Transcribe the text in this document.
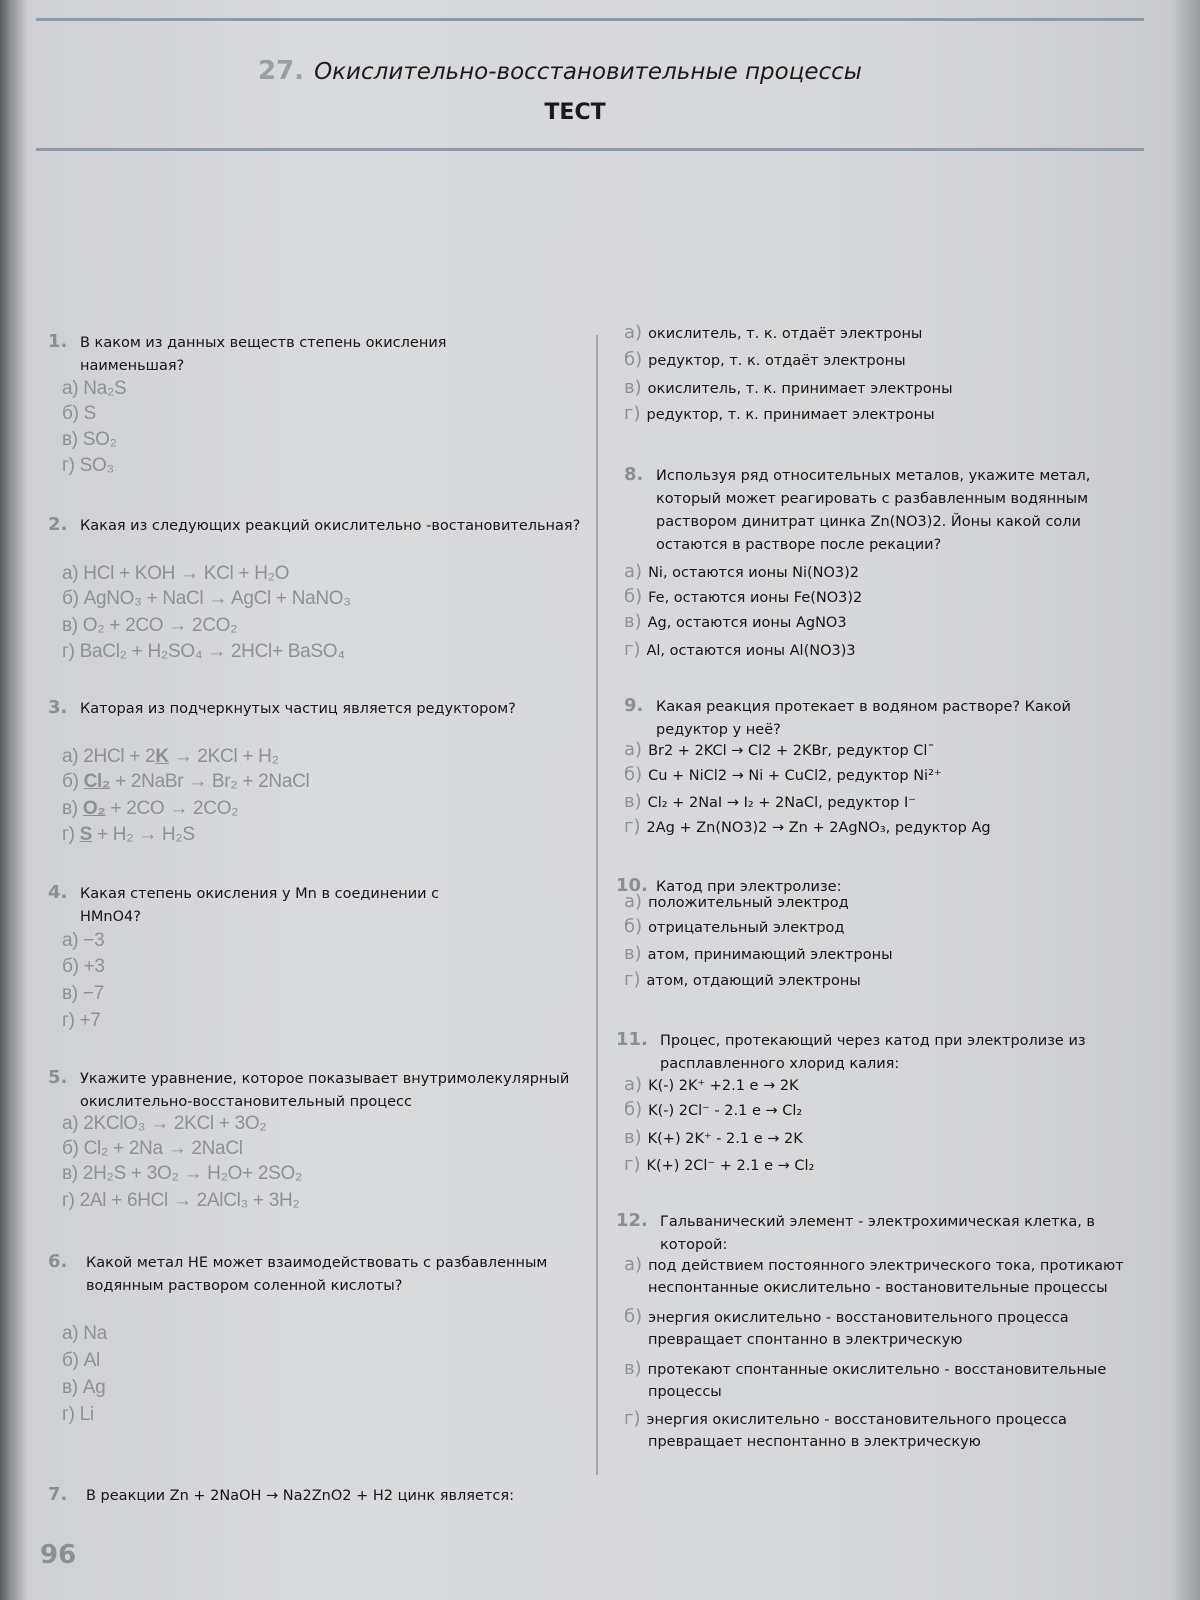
27. Окислительно-восстановительные процессы
ТЕСТ
1. В каком из данных веществ степень окисления наименьшая?
а) Na₂S
б) S
в) SO₂
г) SO₃
2. Какая из следующих реакций окислительно -востановительная?
а) HCl + KOH → KCl + H₂O
б) AgNO₃ + NaCl → AgCl + NaNO₃
в) O₂ + 2CO → 2CO₂
г) BaCl₂ + H₂SO₄ → 2HCl+ BaSO₄
3. Каторая из подчеркнутых частиц является редуктором?
а) 2HCl + 2K → 2KCl + H₂
б) Cl₂ + 2NaBr → Br₂ + 2NaCl
в) O₂ + 2CO → 2CO₂
г) S + H₂ → H₂S
4. Какая степень окисления у Mn в соединении с HMnO4?
а) −3
б) +3
в) −7
г) +7
5. Укажите уравнение, которое показывает внутримолекулярный окислительно-восстановительный процесс
а) 2KClO₃ → 2KCl + 3O₂
б) Cl₂ + 2Na → 2NaCl
в) 2H₂S + 3O₂ → H₂O+ 2SO₂
г) 2Al + 6HCl → 2AlCl₃ + 3H₂
6. Какой метал НЕ может взаимодействовать с разбавленным водянным раствором соленной кислоты?
а) Na
б) Al
в) Ag
г) Li
7. В реакции Zn + 2NaOH → Na2ZnO2 + H2 цинк является:
а) окислитель, т. к. отдаёт электроны
б) редуктор, т. к. отдаёт электроны
в) окислитель, т. к. принимает электроны
г) редуктор, т. к. принимает электроны
8. Используя ряд относительных металов, укажите метал, который может реагировать с разбавленным водянным раствором динитрат цинка Zn(NO3)2. Йоны какой соли остаются в растворе после рекации?
а) Ni, остаются ионы Ni(NO3)2
б) Fe, остаются ионы Fe(NO3)2
в) Ag, остаются ионы AgNO3
г) Al, остаются ионы Al(NO3)3
9. Какая реакция протекает в водяном растворе? Какой редуктор у неё?
а) Br2 + 2KCl → Cl2 + 2KBr, редуктор Cl¯
б) Cu + NiCl2 → Ni + CuCl2, редуктор Ni²⁺
в) Cl₂ + 2NaI → I₂ + 2NaCl, редуктор I⁻
г) 2Ag + Zn(NO3)2 → Zn + 2AgNO₃, редуктор Ag
10. Катод при электролизе:
а) положительный электрод
б) отрицательный электрод
в) атом, принимающий электроны
г) атом, отдающий электроны
11. Процес, протекающий через катод при электролизе из расплавленного хлорид калия:
а) K(-) 2K⁺ +2.1 e → 2K
б) K(-) 2Cl⁻ - 2.1 e → Cl₂
в) K(+) 2K⁺ - 2.1 e → 2K
г) K(+) 2Cl⁻ + 2.1 e → Cl₂
12. Гальванический элемент - электрохимическая клетка, в которой:
а) под действием постоянного электрического тока, протикают неспонтанные окислительно - востановительные процессы
б) энергия окислительно - восстановительного процесса превращает спонтанно в электрическую
в) протекают спонтанные окислительно - восстановительные процессы
г) энергия окислительно - восстановительного процесса превращает неспонтанно в электрическую
96
